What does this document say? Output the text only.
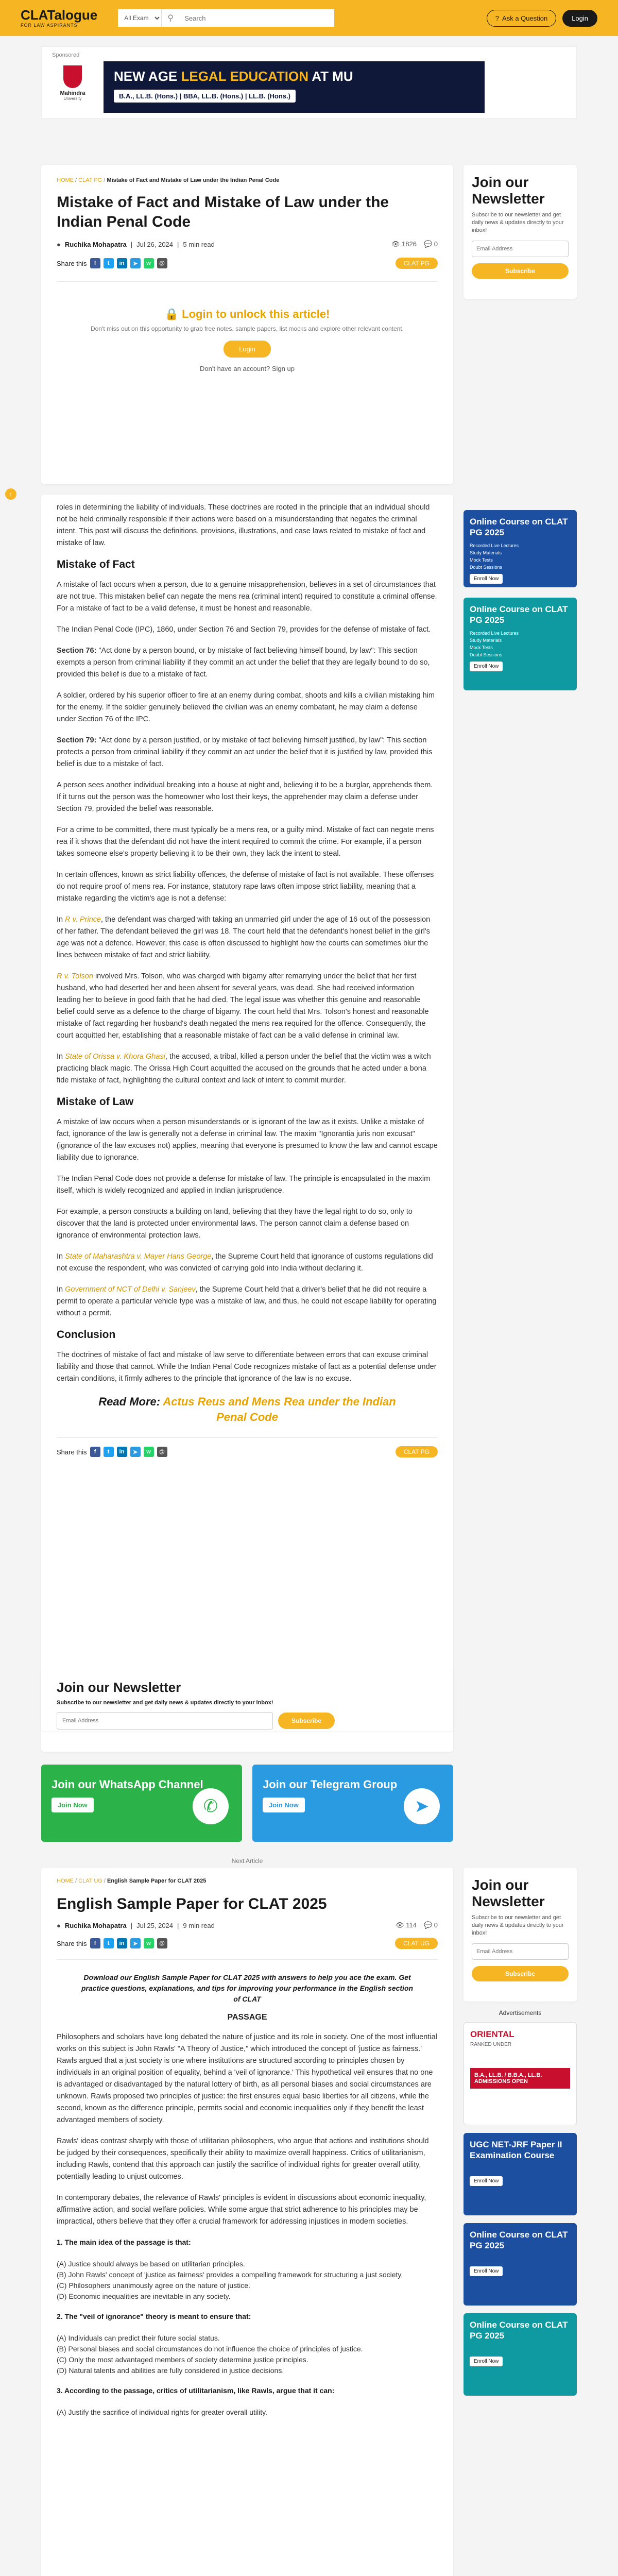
CLATalogue
FOR LAW ASPIRANTS
All Exam
⚲
Search	? Ask a Question	Login
Sponsored
Mahindra
University
NEW AGE LEGAL EDUCATION AT MU
B.A., LL.B. (Hons.) | BBA, LL.B. (Hons.) | LL.B. (Hons.)
HOME / CLAT PG / Mistake of Fact and Mistake of Law under the Indian Penal Code
Mistake of Fact and Mistake of Law under the Indian Penal Code
● Ruchika Mohapatra | Jul 26, 2024 | 5 min read	👁 1826 💬 0
Share this	f	t	in	➤	w	@	CLAT PG
🔒 Login to unlock this article!
Don't miss out on this opportunity to grab free notes, sample papers, list mocks and explore other relevant content.
Login
Don't have an account? Sign up
↑
Join our Newsletter

Subscribe to our newsletter and get daily news & updates directly to your inbox!

Email Address
Subscribe
Online Course on CLAT PG 2025
Recorded Live Lectures
Study Materials
Mock Tests
Doubt Sessions
Enroll Now
Online Course on CLAT PG 2025
Recorded Live Lectures
Study Materials
Mock Tests
Doubt Sessions
Enroll Now

roles in determining the liability of individuals. These doctrines are rooted in the principle that an individual should not be held criminally responsible if their actions were based on a misunderstanding that negates the criminal intent. This post will discuss the definitions, provisions, illustrations, and case laws related to mistake of fact and mistake of law.

Mistake of Fact

A mistake of fact occurs when a person, due to a genuine misapprehension, believes in a set of circumstances that are not true. This mistaken belief can negate the mens rea (criminal intent) required to constitute a criminal offense. For a mistake of fact to be a valid defense, it must be honest and reasonable.

The Indian Penal Code (IPC), 1860, under Section 76 and Section 79, provides for the defense of mistake of fact.

Section 76: "Act done by a person bound, or by mistake of fact believing himself bound, by law": This section exempts a person from criminal liability if they commit an act under the belief that they are legally bound to do so, provided this belief is due to a mistake of fact.

A soldier, ordered by his superior officer to fire at an enemy during combat, shoots and kills a civilian mistaking him for the enemy. If the soldier genuinely believed the civilian was an enemy combatant, he may claim a defense under Section 76 of the IPC.

Section 79: "Act done by a person justified, or by mistake of fact believing himself justified, by law": This section protects a person from criminal liability if they commit an act under the belief that it is justified by law, provided this belief is due to a mistake of fact.

A person sees another individual breaking into a house at night and, believing it to be a burglar, apprehends them. If it turns out the person was the homeowner who lost their keys, the apprehender may claim a defense under Section 79, provided the belief was reasonable.

For a crime to be committed, there must typically be a mens rea, or a guilty mind. Mistake of fact can negate mens rea if it shows that the defendant did not have the intent required to commit the crime. For example, if a person takes someone else's property believing it to be their own, they lack the intent to steal.

In certain offences, known as strict liability offences, the defense of mistake of fact is not available. These offenses do not require proof of mens rea. For instance, statutory rape laws often impose strict liability, meaning that a mistake regarding the victim's age is not a defense:

In R v. Prince, the defendant was charged with taking an unmarried girl under the age of 16 out of the possession of her father. The defendant believed the girl was 18. The court held that the defendant's honest belief in the girl's age was not a defence. However, this case is often discussed to highlight how the courts can sometimes blur the lines between mistake of fact and strict liability.

R v. Tolson involved Mrs. Tolson, who was charged with bigamy after remarrying under the belief that her first husband, who had deserted her and been absent for several years, was dead. She had received information leading her to believe in good faith that he had died. The legal issue was whether this genuine and reasonable belief could serve as a defence to the charge of bigamy. The court held that Mrs. Tolson's honest and reasonable mistake of fact regarding her husband's death negated the mens rea required for the offence. Consequently, the court acquitted her, establishing that a reasonable mistake of fact can be a valid defense in criminal law.

In State of Orissa v. Khora Ghasi, the accused, a tribal, killed a person under the belief that the victim was a witch practicing black magic. The Orissa High Court acquitted the accused on the grounds that he acted under a bona fide mistake of fact, highlighting the cultural context and lack of intent to commit murder.

Mistake of Law

A mistake of law occurs when a person misunderstands or is ignorant of the law as it exists. Unlike a mistake of fact, ignorance of the law is generally not a defense in criminal law. The maxim "Ignorantia juris non excusat" (ignorance of the law excuses not) applies, meaning that everyone is presumed to know the law and cannot escape liability due to ignorance.

The Indian Penal Code does not provide a defense for mistake of law. The principle is encapsulated in the maxim itself, which is widely recognized and applied in Indian jurisprudence.

For example, a person constructs a building on land, believing that they have the legal right to do so, only to discover that the land is protected under environmental laws. The person cannot claim a defense based on ignorance of environmental protection laws.

In State of Maharashtra v. Mayer Hans George, the Supreme Court held that ignorance of customs regulations did not excuse the respondent, who was convicted of carrying gold into India without declaring it.

In Government of NCT of Delhi v. Sanjeev, the Supreme Court held that a driver's belief that he did not require a permit to operate a particular vehicle type was a mistake of law, and thus, he could not escape liability for operating without a permit.

Conclusion

The doctrines of mistake of fact and mistake of law serve to differentiate between errors that can excuse criminal liability and those that cannot. While the Indian Penal Code recognizes mistake of fact as a potential defense under certain conditions, it firmly adheres to the principle that ignorance of the law is no excuse.

Read More: Actus Reus and Mens Rea under the Indian Penal Code
Share this	f	t	in	➤	w	@	CLAT PG
Join our Newsletter

Subscribe to our newsletter and get daily news & updates directly to your inbox!

Email Address
Subscribe
Join our WhatsApp Channel
Join Now	✆
Join our Telegram Group
Join Now	➤
Next Article
HOME / CLAT UG / English Sample Paper for CLAT 2025
English Sample Paper for CLAT 2025
● Ruchika Mohapatra | Jul 25, 2024 | 9 min read	👁 114 💬 0
Share this	f	t	in	➤	w	@	CLAT UG
Download our English Sample Paper for CLAT 2025 with answers to help you ace the exam. Get practice questions, explanations, and tips for improving your performance in the English section of CLAT
PASSAGE

Philosophers and scholars have long debated the nature of justice and its role in society. One of the most influential works on this subject is John Rawls' "A Theory of Justice," which introduced the concept of 'justice as fairness.' Rawls argued that a just society is one where institutions are structured according to principles chosen by individuals in an original position of equality, behind a 'veil of ignorance.' This hypothetical veil ensures that no one is advantaged or disadvantaged by the natural lottery of birth, as all personal biases and social circumstances are unknown. Rawls proposed two principles of justice: the first ensures equal basic liberties for all citizens, while the second, known as the difference principle, permits social and economic inequalities only if they benefit the least advantaged members of society.

Rawls' ideas contrast sharply with those of utilitarian philosophers, who argue that actions and institutions should be judged by their consequences, specifically their ability to maximize overall happiness. Critics of utilitarianism, including Rawls, contend that this approach can justify the sacrifice of individual rights for greater overall utility, potentially leading to unjust outcomes.

In contemporary debates, the relevance of Rawls' principles is evident in discussions about economic inequality, affirmative action, and social welfare policies. While some argue that strict adherence to his principles may be impractical, others believe that they offer a crucial framework for addressing injustices in modern societies.

1. The main idea of the passage is that:

(A) Justice should always be based on utilitarian principles.
(B) John Rawls' concept of 'justice as fairness' provides a compelling framework for structuring a just society.
(C) Philosophers unanimously agree on the nature of justice.
(D) Economic inequalities are inevitable in any society.
2. The "veil of ignorance" theory is meant to ensure that:

(A) Individuals can predict their future social status.
(B) Personal biases and social circumstances do not influence the choice of principles of justice.
(C) Only the most advantaged members of society determine justice principles.
(D) Natural talents and abilities are fully considered in justice decisions.
3. According to the passage, critics of utilitarianism, like Rawls, argue that it can:

(A) Justify the sacrifice of individual rights for greater overall utility.
Join our Newsletter

Subscribe to our newsletter and get daily news & updates directly to your inbox!

Email Address
Subscribe
Advertisements
ORIENTAL
RANKED UNDER
B.A., LL.B. / B.B.A., LL.B. ADMISSIONS OPEN
UGC NET-JRF Paper II Examination Course
Enroll Now
Online Course on CLAT PG 2025
Enroll Now
Online Course on CLAT PG 2025
Enroll Now
